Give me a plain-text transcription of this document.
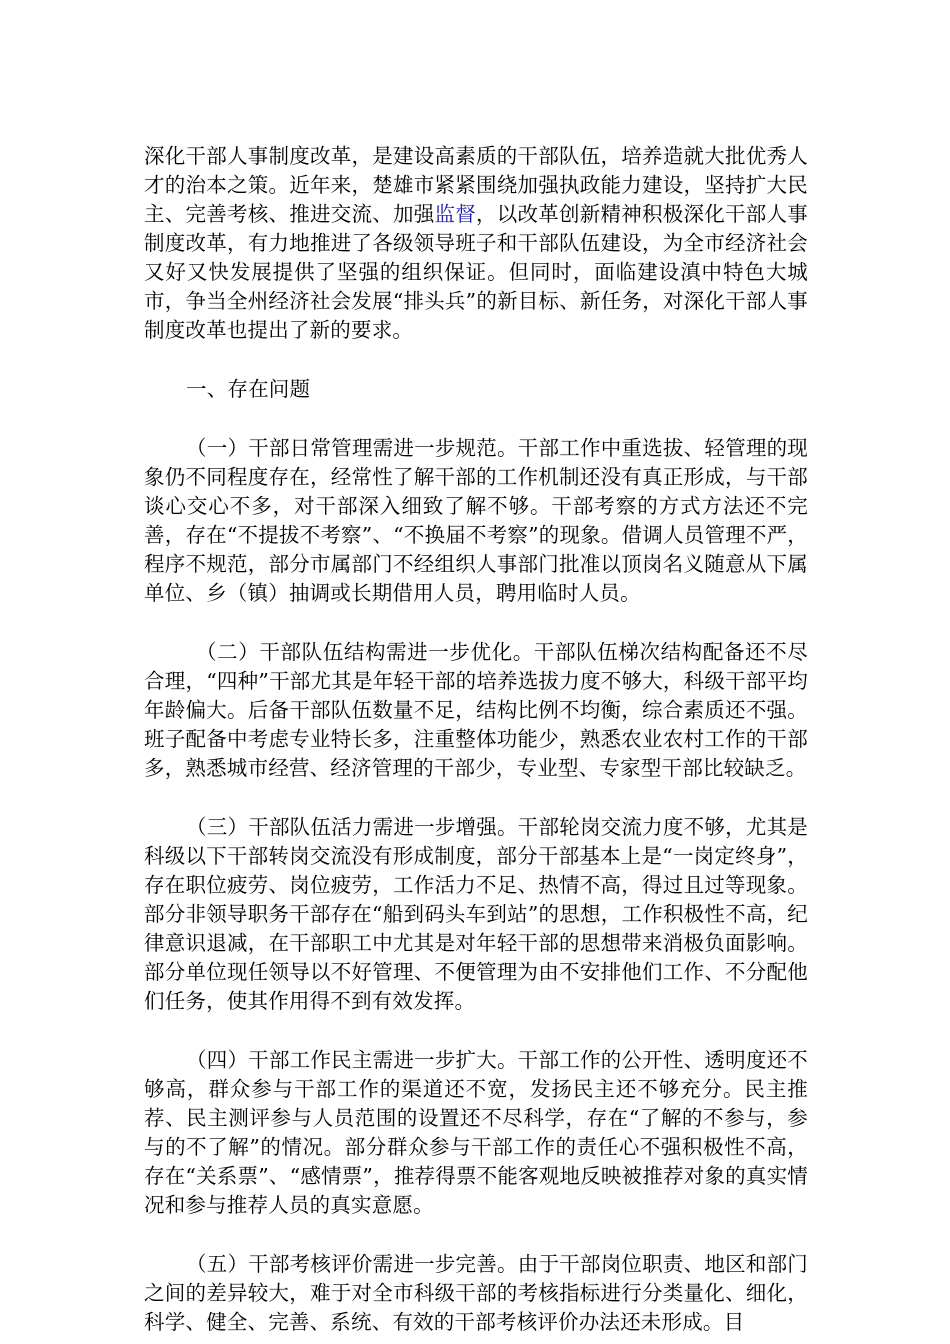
深化干部人事制度改革，是建设高素质的干部队伍，培养造就大批优秀人才的治本之策。近年来，楚雄市紧紧围绕加强执政能力建设，坚持扩大民主、完善考核、推进交流、加强监督，以改革创新精神积极深化干部人事制度改革，有力地推进了各级领导班子和干部队伍建设，为全市经济社会又好又快发展提供了坚强的组织保证。但同时，面临建设滇中特色大城市，争当全州经济社会发展“排头兵”的新目标、新任务，对深化干部人事制度改革也提出了新的要求。

一、存在问题

（一）干部日常管理需进一步规范。干部工作中重选拔、轻管理的现象仍不同程度存在，经常性了解干部的工作机制还没有真正形成，与干部谈心交心不多，对干部深入细致了解不够。干部考察的方式方法还不完善，存在“不提拔不考察”、“不换届不考察”的现象。借调人员管理不严，程序不规范，部分市属部门不经组织人事部门批准以顶岗名义随意从下属单位、乡（镇）抽调或长期借用人员，聘用临时人员。

（二）干部队伍结构需进一步优化。干部队伍梯次结构配备还不尽合理，“四种”干部尤其是年轻干部的培养选拔力度不够大，科级干部平均年龄偏大。后备干部队伍数量不足，结构比例不均衡，综合素质还不强。班子配备中考虑专业特长多，注重整体功能少，熟悉农业农村工作的干部多，熟悉城市经营、经济管理的干部少，专业型、专家型干部比较缺乏。

（三）干部队伍活力需进一步增强。干部轮岗交流力度不够，尤其是科级以下干部转岗交流没有形成制度，部分干部基本上是“一岗定终身”，存在职位疲劳、岗位疲劳，工作活力不足、热情不高，得过且过等现象。部分非领导职务干部存在“船到码头车到站”的思想，工作积极性不高，纪律意识退减，在干部职工中尤其是对年轻干部的思想带来消极负面影响。部分单位现任领导以不好管理、不便管理为由不安排他们工作、不分配他们任务，使其作用得不到有效发挥。

（四）干部工作民主需进一步扩大。干部工作的公开性、透明度还不够高，群众参与干部工作的渠道还不宽，发扬民主还不够充分。民主推荐、民主测评参与人员范围的设置还不尽科学，存在“了解的不参与，参与的不了解”的情况。部分群众参与干部工作的责任心不强积极性不高，存在“关系票”、“感情票”，推荐得票不能客观地反映被推荐对象的真实情况和参与推荐人员的真实意愿。

（五）干部考核评价需进一步完善。由于干部岗位职责、地区和部门之间的差异较大，难于对全市科级干部的考核指标进行分类量化、细化，科学、健全、完善、系统、有效的干部考核评价办法还未形成。目
